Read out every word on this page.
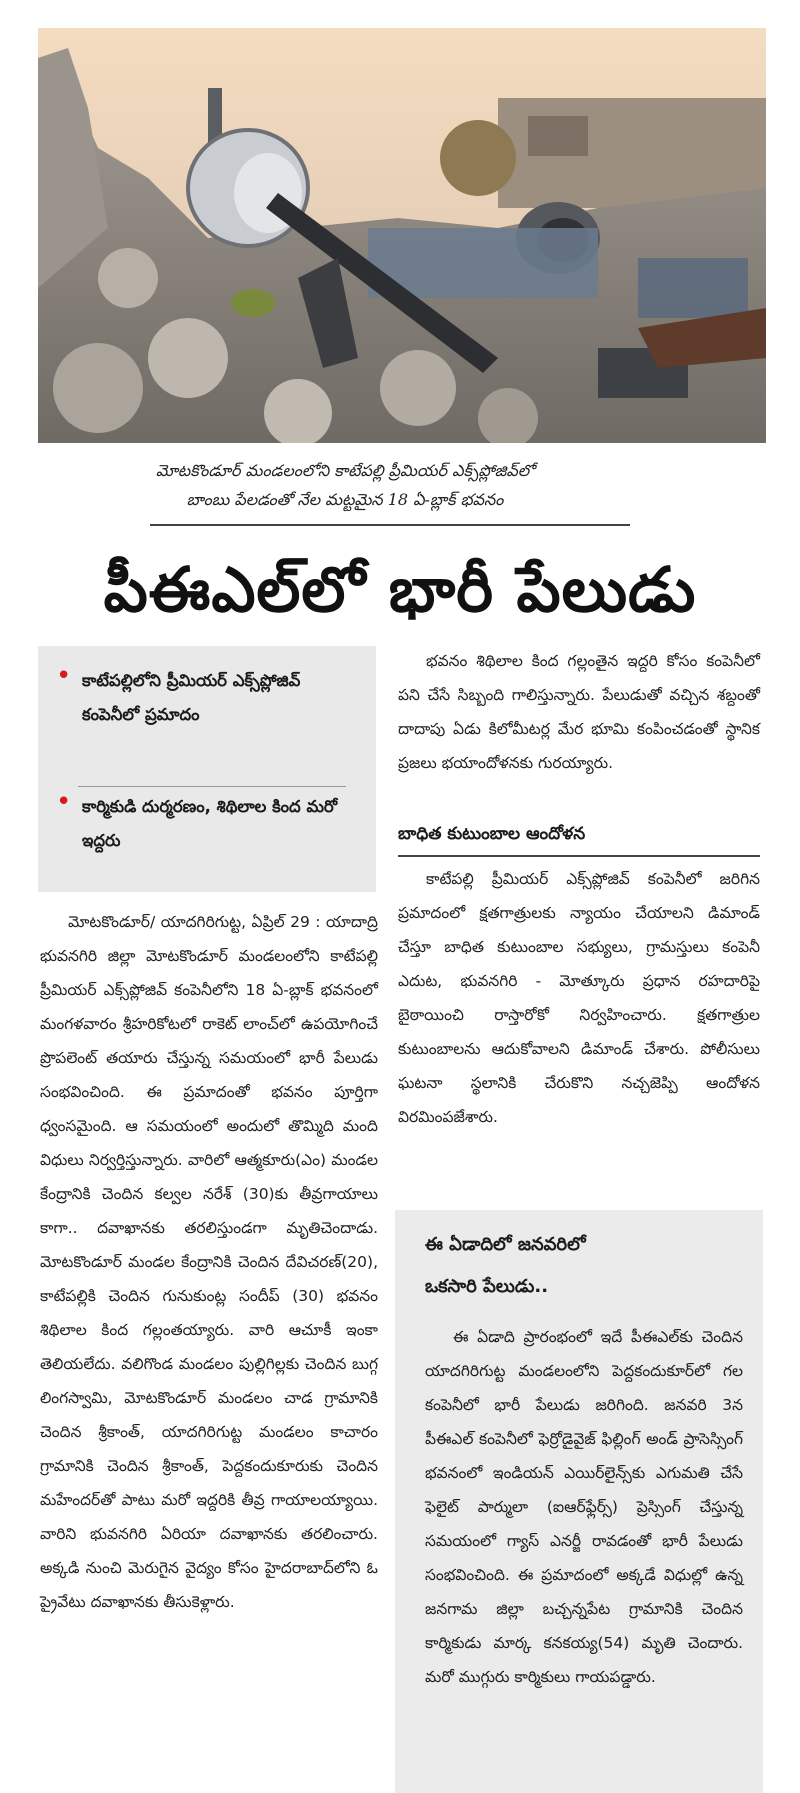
మోటకొండూర్ మండలంలోని కాటేపల్లి ప్రీమియర్ ఎక్స్‌ప్లోజివ్‌లో
బాంబు పేలడంతో నేల మట్టమైన 18 ఏ-బ్లాక్ భవనం
పీఈఎల్‌లో భారీ పేలుడు
• కాటేపల్లిలోని ప్రీమియర్ ఎక్స్‌ప్లోజివ్ కంపెనీలో ప్రమాదం
• కార్మికుడి దుర్మరణం, శిథిలాల కింద మరో ఇద్దరు

మోటకొండూర్/ యాదగిరిగుట్ట, ఏప్రిల్ 29 : యాదాద్రి భువనగిరి జిల్లా మోటకొండూర్ మండలంలోని కాటేపల్లి ప్రీమియర్ ఎక్స్‌ప్లోజివ్ కంపెనీలోని 18 ఏ-బ్లాక్ భవనంలో మంగళవారం శ్రీహరికోటలో రాకెట్ లాంచ్‌లో ఉపయోగించే ప్రొపలెంట్ తయారు చేస్తున్న సమయంలో భారీ పేలుడు సంభవించింది. ఈ ప్రమాదంతో భవనం పూర్తిగా ధ్వంసమైంది. ఆ సమయంలో అందులో తొమ్మిది మంది విధులు నిర్వర్తిస్తున్నారు. వారిలో ఆత్మకూరు(ఎం) మండల కేంద్రానికి చెందిన కల్వల నరేశ్ (30)కు తీవ్రగాయాలు కాగా.. దవాఖానకు తరలిస్తుండగా మృతిచెందాడు. మోటకొండూర్ మండల కేంద్రానికి చెందిన దేవిచరణ్(20), కాటేపల్లికి చెందిన గునుకుంట్ల సందీప్ (30) భవనం శిథిలాల కింద గల్లంతయ్యారు. వారి ఆచూకీ ఇంకా తెలియలేదు. వలిగొండ మండలం పుల్లిగిల్లకు చెందిన బుగ్గ లింగస్వామి, మోటకొండూర్ మండలం చాడ గ్రామానికి చెందిన శ్రీకాంత్, యాదగిరిగుట్ట మండలం కాచారం గ్రామానికి చెందిన శ్రీకాంత్, పెద్దకందుకూరుకు చెందిన మహేందర్‌తో పాటు మరో ఇద్దరికి తీవ్ర గాయాలయ్యాయి. వారిని భువనగిరి ఏరియా దవాఖానకు తరలించారు. అక్కడి నుంచి మెరుగైన వైద్యం కోసం హైదరాబాద్‌లోని ఓ ప్రైవేటు దవాఖానకు తీసుకెళ్లారు.

భవనం శిథిలాల కింద గల్లంతైన ఇద్దరి కోసం కంపెనీలో పని చేసే సిబ్బంది గాలిస్తున్నారు. పేలుడుతో వచ్చిన శబ్దంతో దాదాపు ఏడు కిలోమీటర్ల మేర భూమి కంపించడంతో స్థానిక ప్రజలు భయాందోళనకు గురయ్యారు.

బాధిత కుటుంబాల ఆందోళన

కాటేపల్లి ప్రీమియర్ ఎక్స్‌ప్లోజివ్ కంపెనీలో జరిగిన ప్రమాదంలో క్షతగాత్రులకు న్యాయం చేయాలని డిమాండ్ చేస్తూ బాధిత కుటుంబాల సభ్యులు, గ్రామస్తులు కంపెనీ ఎదుట, భువనగిరి - మోత్కూరు ప్రధాన రహదారిపై బైఠాయించి రాస్తారోకో నిర్వహించారు. క్షతగాత్రుల కుటుంబాలను ఆదుకోవాలని డిమాండ్ చేశారు. పోలీసులు ఘటనా స్థలానికి చేరుకొని నచ్చజెప్పి ఆందోళన విరమింపజేశారు.

ఈ ఏడాదిలో జనవరిలో
ఒకసారి పేలుడు..

ఈ ఏడాది ప్రారంభంలో ఇదే పీఈఎల్‌కు చెందిన యాదగిరిగుట్ట మండలంలోని పెద్దకందుకూర్‌లో గల కంపెనీలో భారీ పేలుడు జరిగింది. జనవరి 3న పీఈఎల్ కంపెనీలో ఫెర్రోడైవైజ్ ఫిల్లింగ్ అండ్ ప్రాసెస్సింగ్ భవనంలో ఇండియన్ ఎయిర్‌లైన్స్‌కు ఎగుమతి చేసే ఫెలైట్ పార్ములా (ఐఆర్‌ఫ్లేర్స్) ప్రెస్సింగ్ చేస్తున్న సమయంలో గ్యాస్ ఎనర్జీ రావడంతో భారీ పేలుడు సంభవించింది. ఈ ప్రమాదంలో అక్కడే విధుల్లో ఉన్న జనగామ జిల్లా బచ్చన్నపేట గ్రామానికి చెందిన కార్మికుడు మార్క కనకయ్య(54) మృతి చెందారు. మరో ముగ్గురు కార్మికులు గాయపడ్డారు.
